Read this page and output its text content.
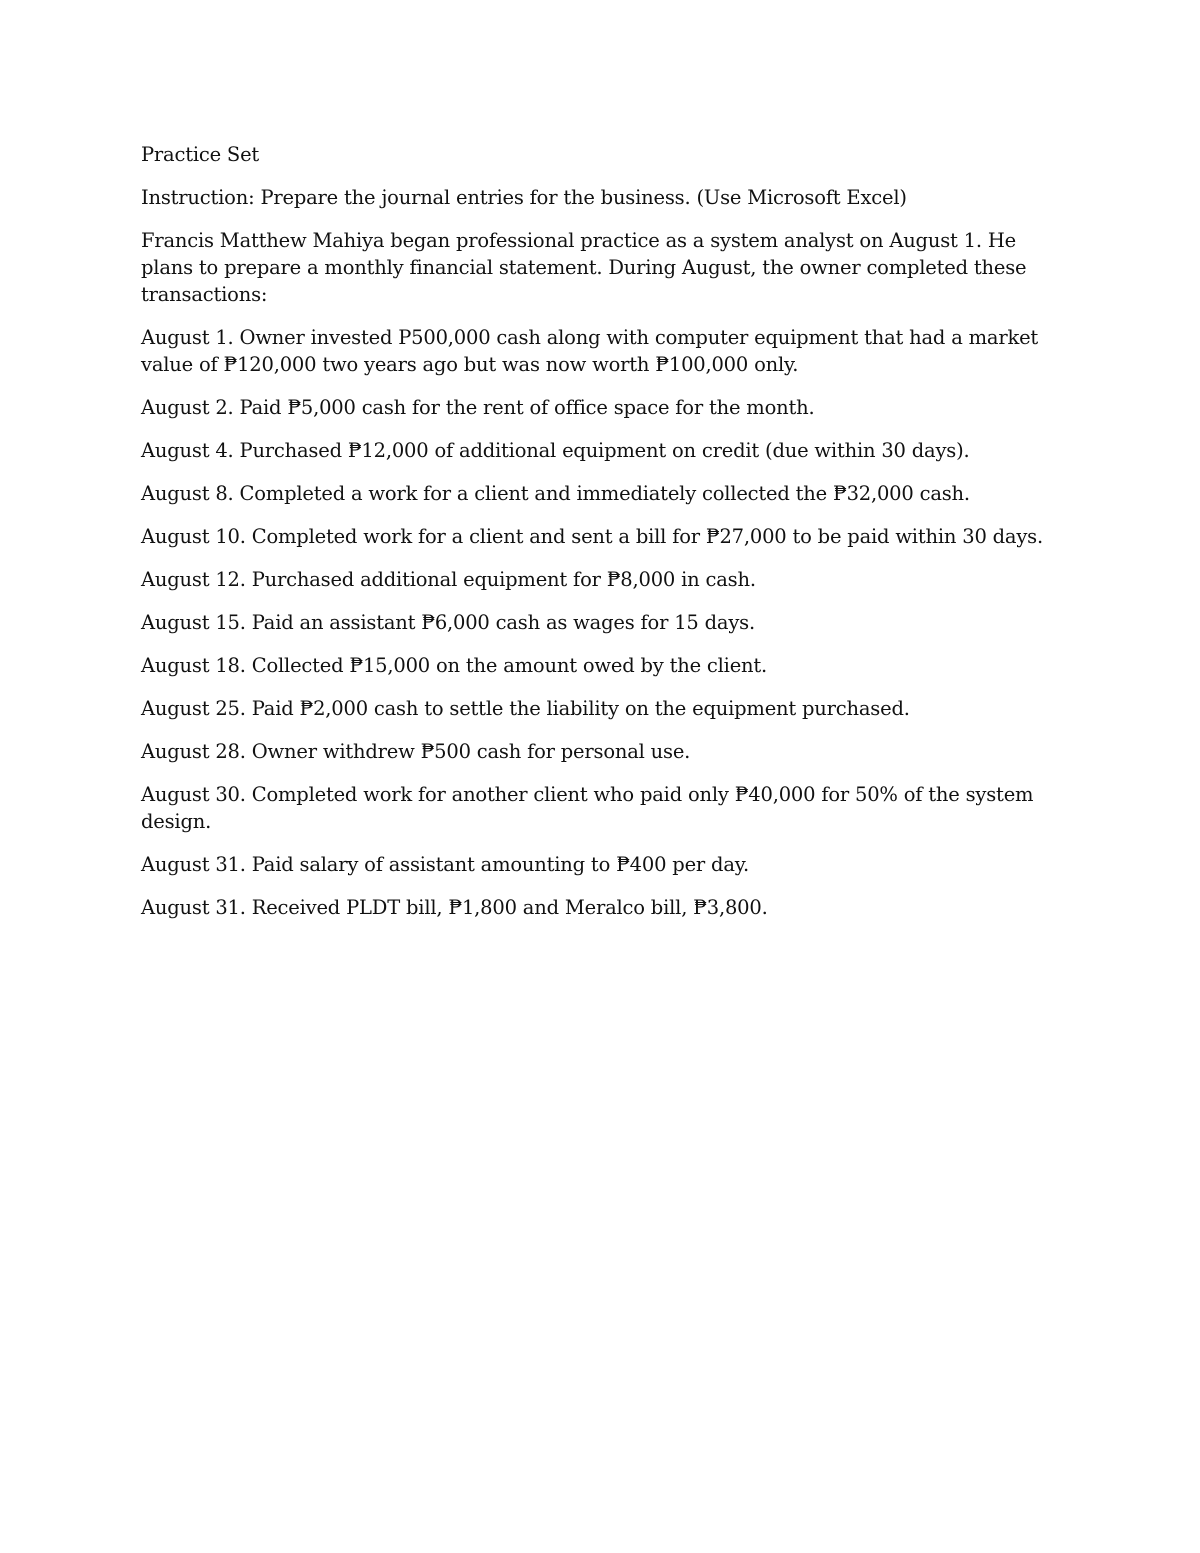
Practice Set

Instruction: Prepare the journal entries for the business. (Use Microsoft Excel)

Francis Matthew Mahiya began professional practice as a system analyst on August 1. He plans to prepare a monthly financial statement. During August, the owner completed these transactions:

August 1. Owner invested P500,000 cash along with computer equipment that had a market value of ₱120,000 two years ago but was now worth ₱100,000 only.

August 2. Paid ₱5,000 cash for the rent of office space for the month.

August 4. Purchased ₱12,000 of additional equipment on credit (due within 30 days).

August 8. Completed a work for a client and immediately collected the ₱32,000 cash.

August 10. Completed work for a client and sent a bill for ₱27,000 to be paid within 30 days.

August 12. Purchased additional equipment for ₱8,000 in cash.

August 15. Paid an assistant ₱6,000 cash as wages for 15 days.

August 18. Collected ₱15,000 on the amount owed by the client.

August 25. Paid ₱2,000 cash to settle the liability on the equipment purchased.

August 28. Owner withdrew ₱500 cash for personal use.

August 30. Completed work for another client who paid only ₱40,000 for 50% of the system design.

August 31. Paid salary of assistant amounting to ₱400 per day.

August 31. Received PLDT bill, ₱1,800 and Meralco bill, ₱3,800.
